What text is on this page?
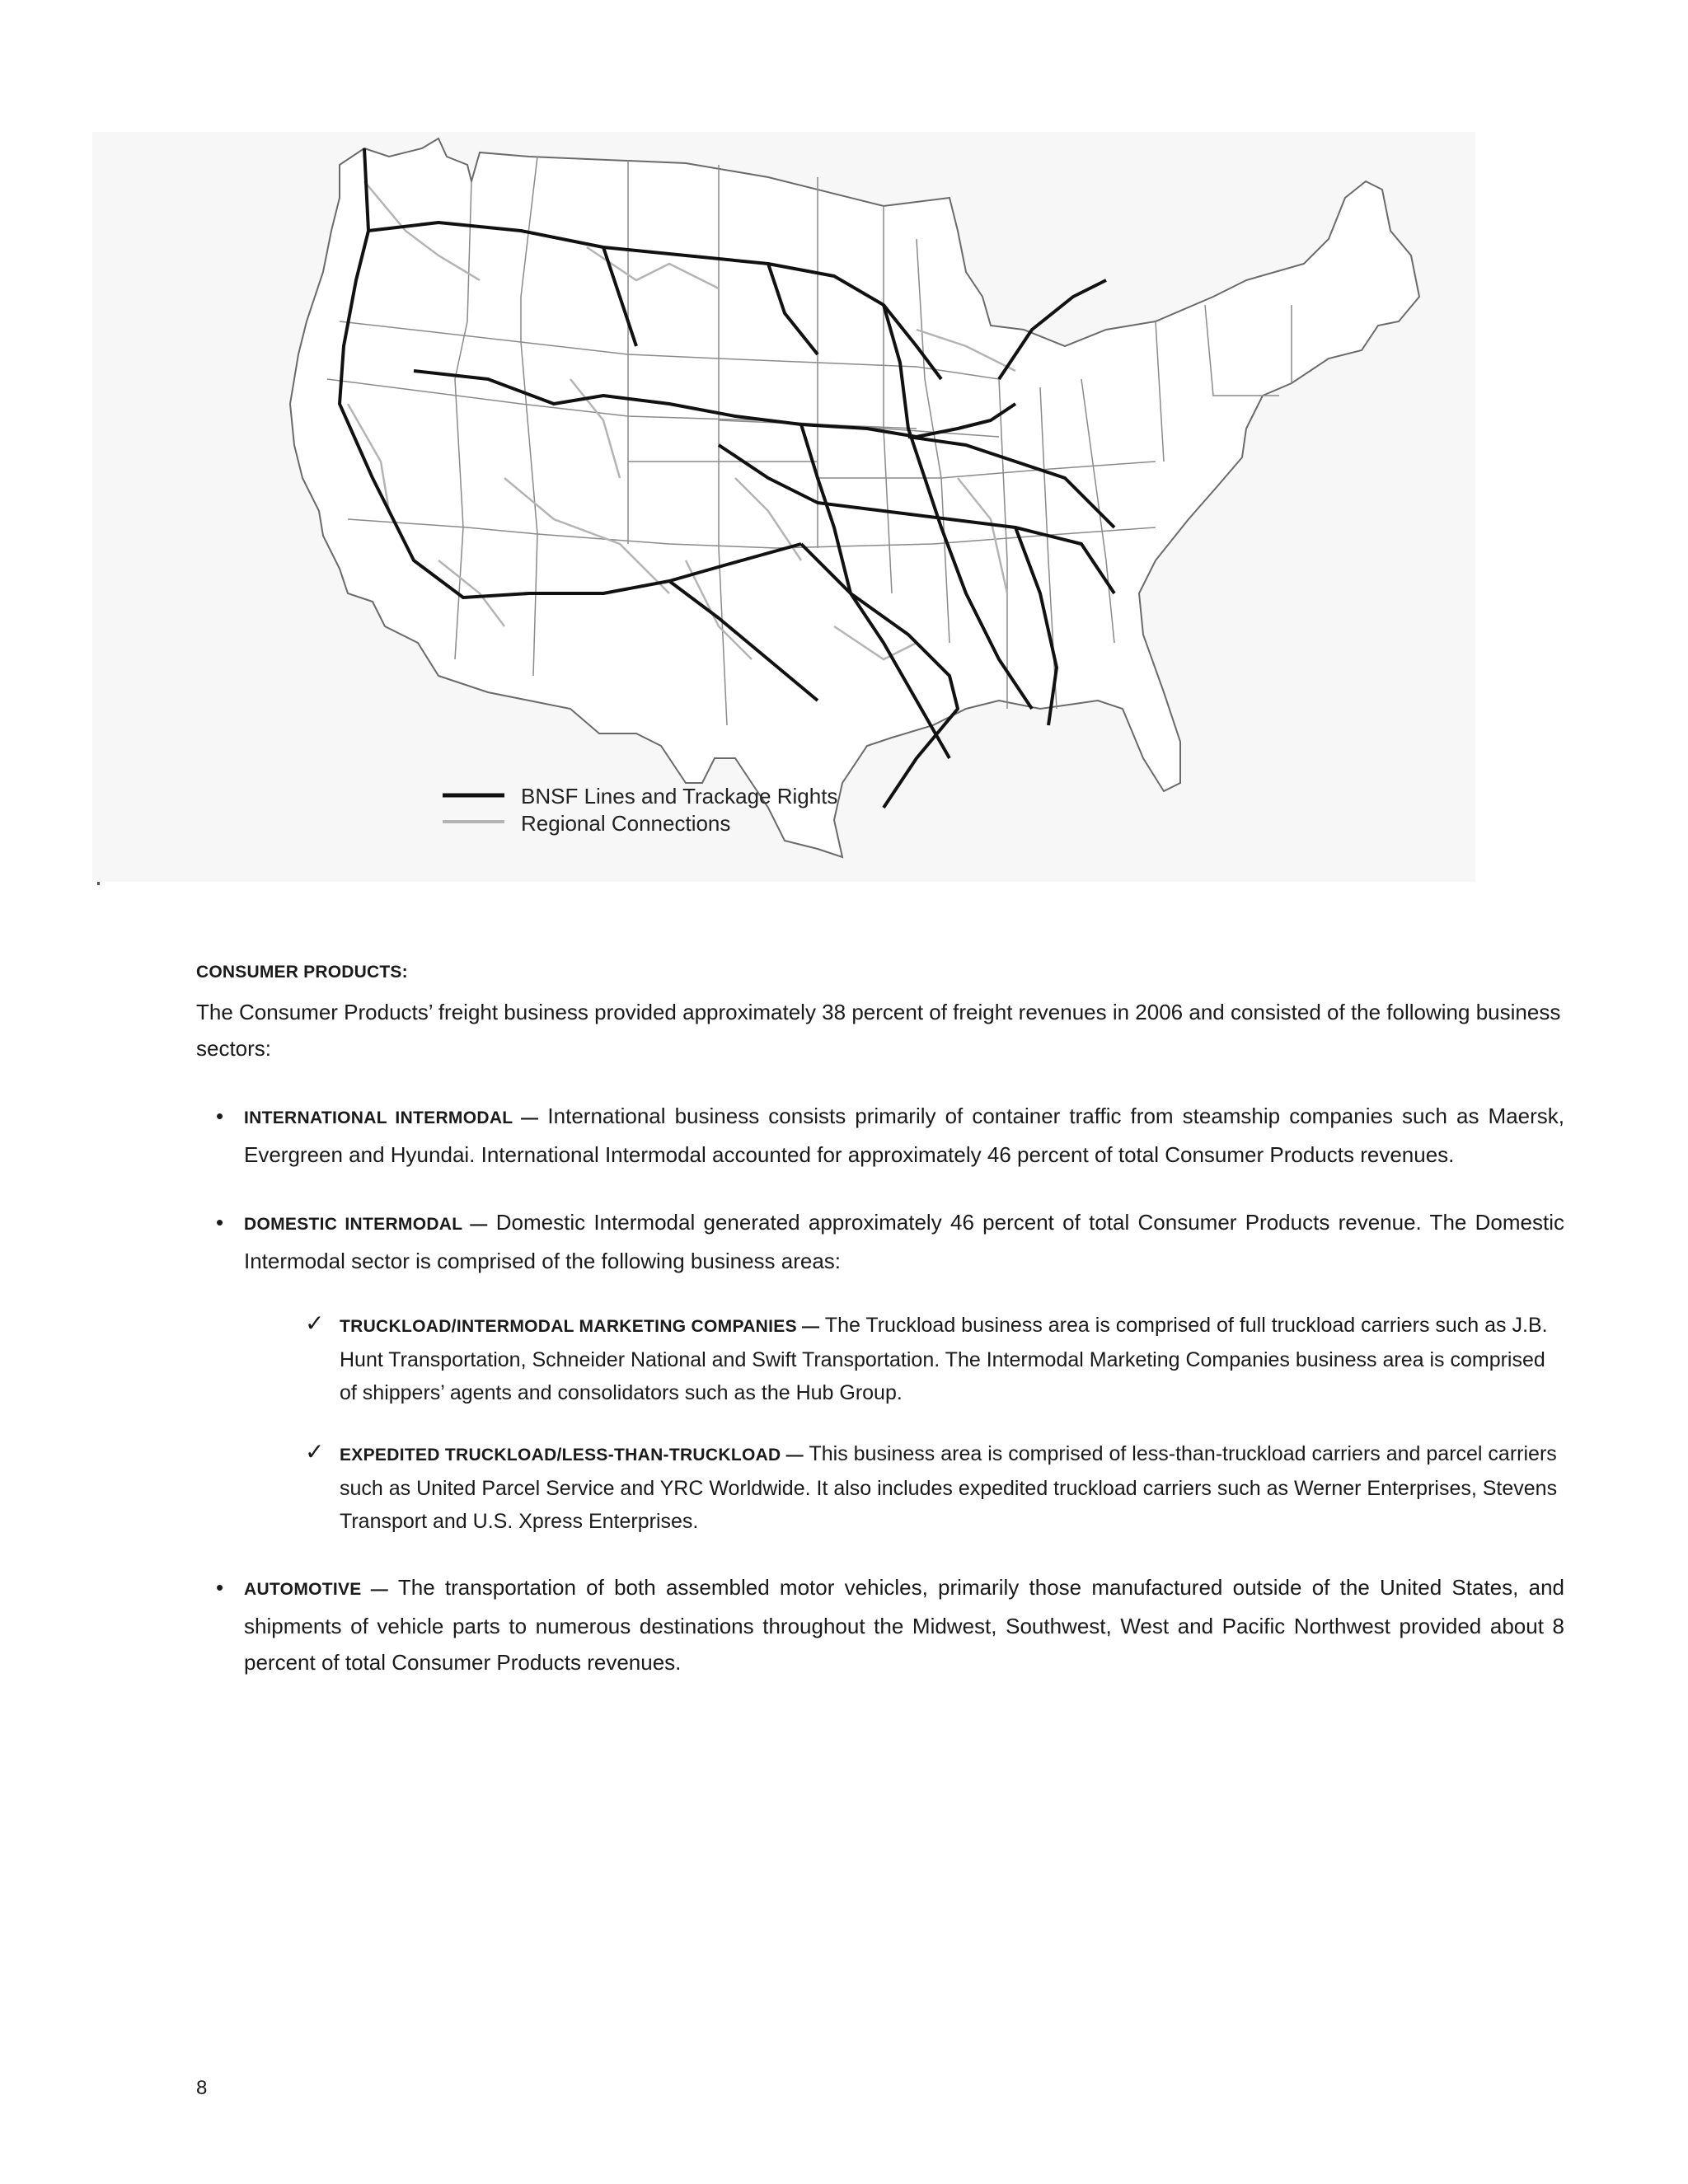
BNSF Lines and Trackage Rights
Regional Connections
CONSUMER PRODUCTS:

The Consumer Products’ freight business provided approximately 38 percent of freight revenues in 2006 and consisted of the following business sectors:

• INTERNATIONAL INTERMODAL — International business consists primarily of container traffic from steamship companies such as Maersk, Evergreen and Hyundai. International Intermodal accounted for approximately 46 percent of total Consumer Products revenues.
• DOMESTIC INTERMODAL — Domestic Intermodal generated approximately 46 percent of total Consumer Products revenue. The Domestic Intermodal sector is comprised of the following business areas:
✓ TRUCKLOAD/INTERMODAL MARKETING COMPANIES — The Truckload business area is comprised of full truckload carriers such as J.B. Hunt Transportation, Schneider National and Swift Transportation. The Intermodal Marketing Companies business area is comprised of shippers’ agents and consolidators such as the Hub Group.
✓ EXPEDITED TRUCKLOAD/LESS-THAN-TRUCKLOAD — This business area is comprised of less-than-truckload carriers and parcel carriers such as United Parcel Service and YRC Worldwide. It also includes expedited truckload carriers such as Werner Enterprises, Stevens Transport and U.S. Xpress Enterprises.
• AUTOMOTIVE — The transportation of both assembled motor vehicles, primarily those manufactured outside of the United States, and shipments of vehicle parts to numerous destinations throughout the Midwest, Southwest, West and Pacific Northwest provided about 8 percent of total Consumer Products revenues.
8
